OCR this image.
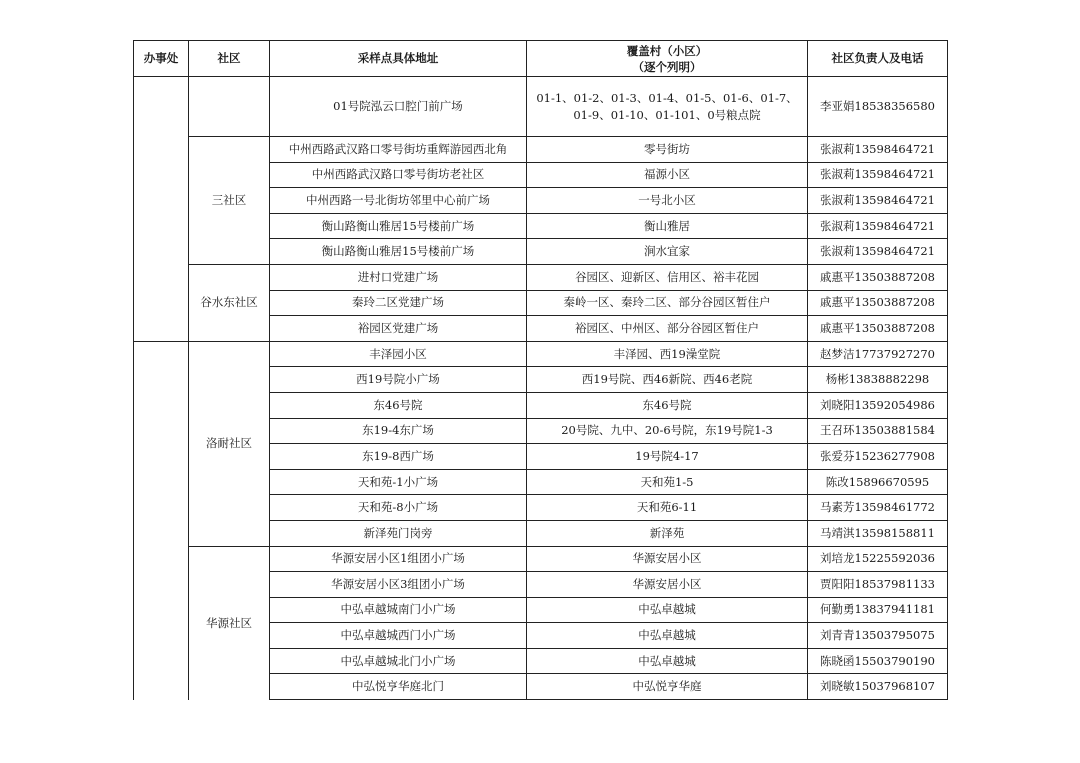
办事处	社区	采样点具体地址	覆盖村（小区）
（逐个列明）	社区负责人及电话
		01号院泓云口腔门前广场	01-1、01-2、01-3、01-4、01-5、01-6、01-7、01-9、01-10、01-101、0号粮点院	李亚娟18538356580
	三社区	中州西路武汉路口零号街坊重辉游园西北角	零号街坊	张淑莉13598464721
		中州西路武汉路口零号街坊老社区	福源小区	张淑莉13598464721
		中州西路一号北街坊邻里中心前广场	一号北小区	张淑莉13598464721
		衡山路衡山雅居15号楼前广场	衡山雅居	张淑莉13598464721
		衡山路衡山雅居15号楼前广场	涧水宜家	张淑莉13598464721
	谷水东社区	进村口党建广场	谷园区、迎新区、信用区、裕丰花园	戚惠平13503887208
		秦玲二区党建广场	秦岭一区、秦玲二区、部分谷园区暂住户	戚惠平13503887208
		裕园区党建广场	裕园区、中州区、部分谷园区暂住户	戚惠平13503887208
	洛耐社区	丰泽园小区	丰泽园、西19澡堂院	赵梦洁17737927270
		西19号院小广场	西19号院、西46新院、西46老院	杨彬13838882298
		东46号院	东46号院	刘晓阳13592054986
		东19-4东广场	20号院、九中、20-6号院，东19号院1-3	王召环13503881584
		东19-8西广场	19号院4-17	张爱芬15236277908
		天和苑-1小广场	天和苑1-5	陈改15896670595
		天和苑-8小广场	天和苑6-11	马素芳13598461772
		新泽苑门岗旁	新泽苑	马靖淇13598158811
	华源社区	华源安居小区1组团小广场	华源安居小区	刘培龙15225592036
		华源安居小区3组团小广场	华源安居小区	贾阳阳18537981133
		中弘卓越城南门小广场	中弘卓越城	何勤勇13837941181
		中弘卓越城西门小广场	中弘卓越城	刘青青13503795075
		中弘卓越城北门小广场	中弘卓越城	陈晓函15503790190
		中弘悦亨华庭北门	中弘悦亨华庭	刘晓敏15037968107
